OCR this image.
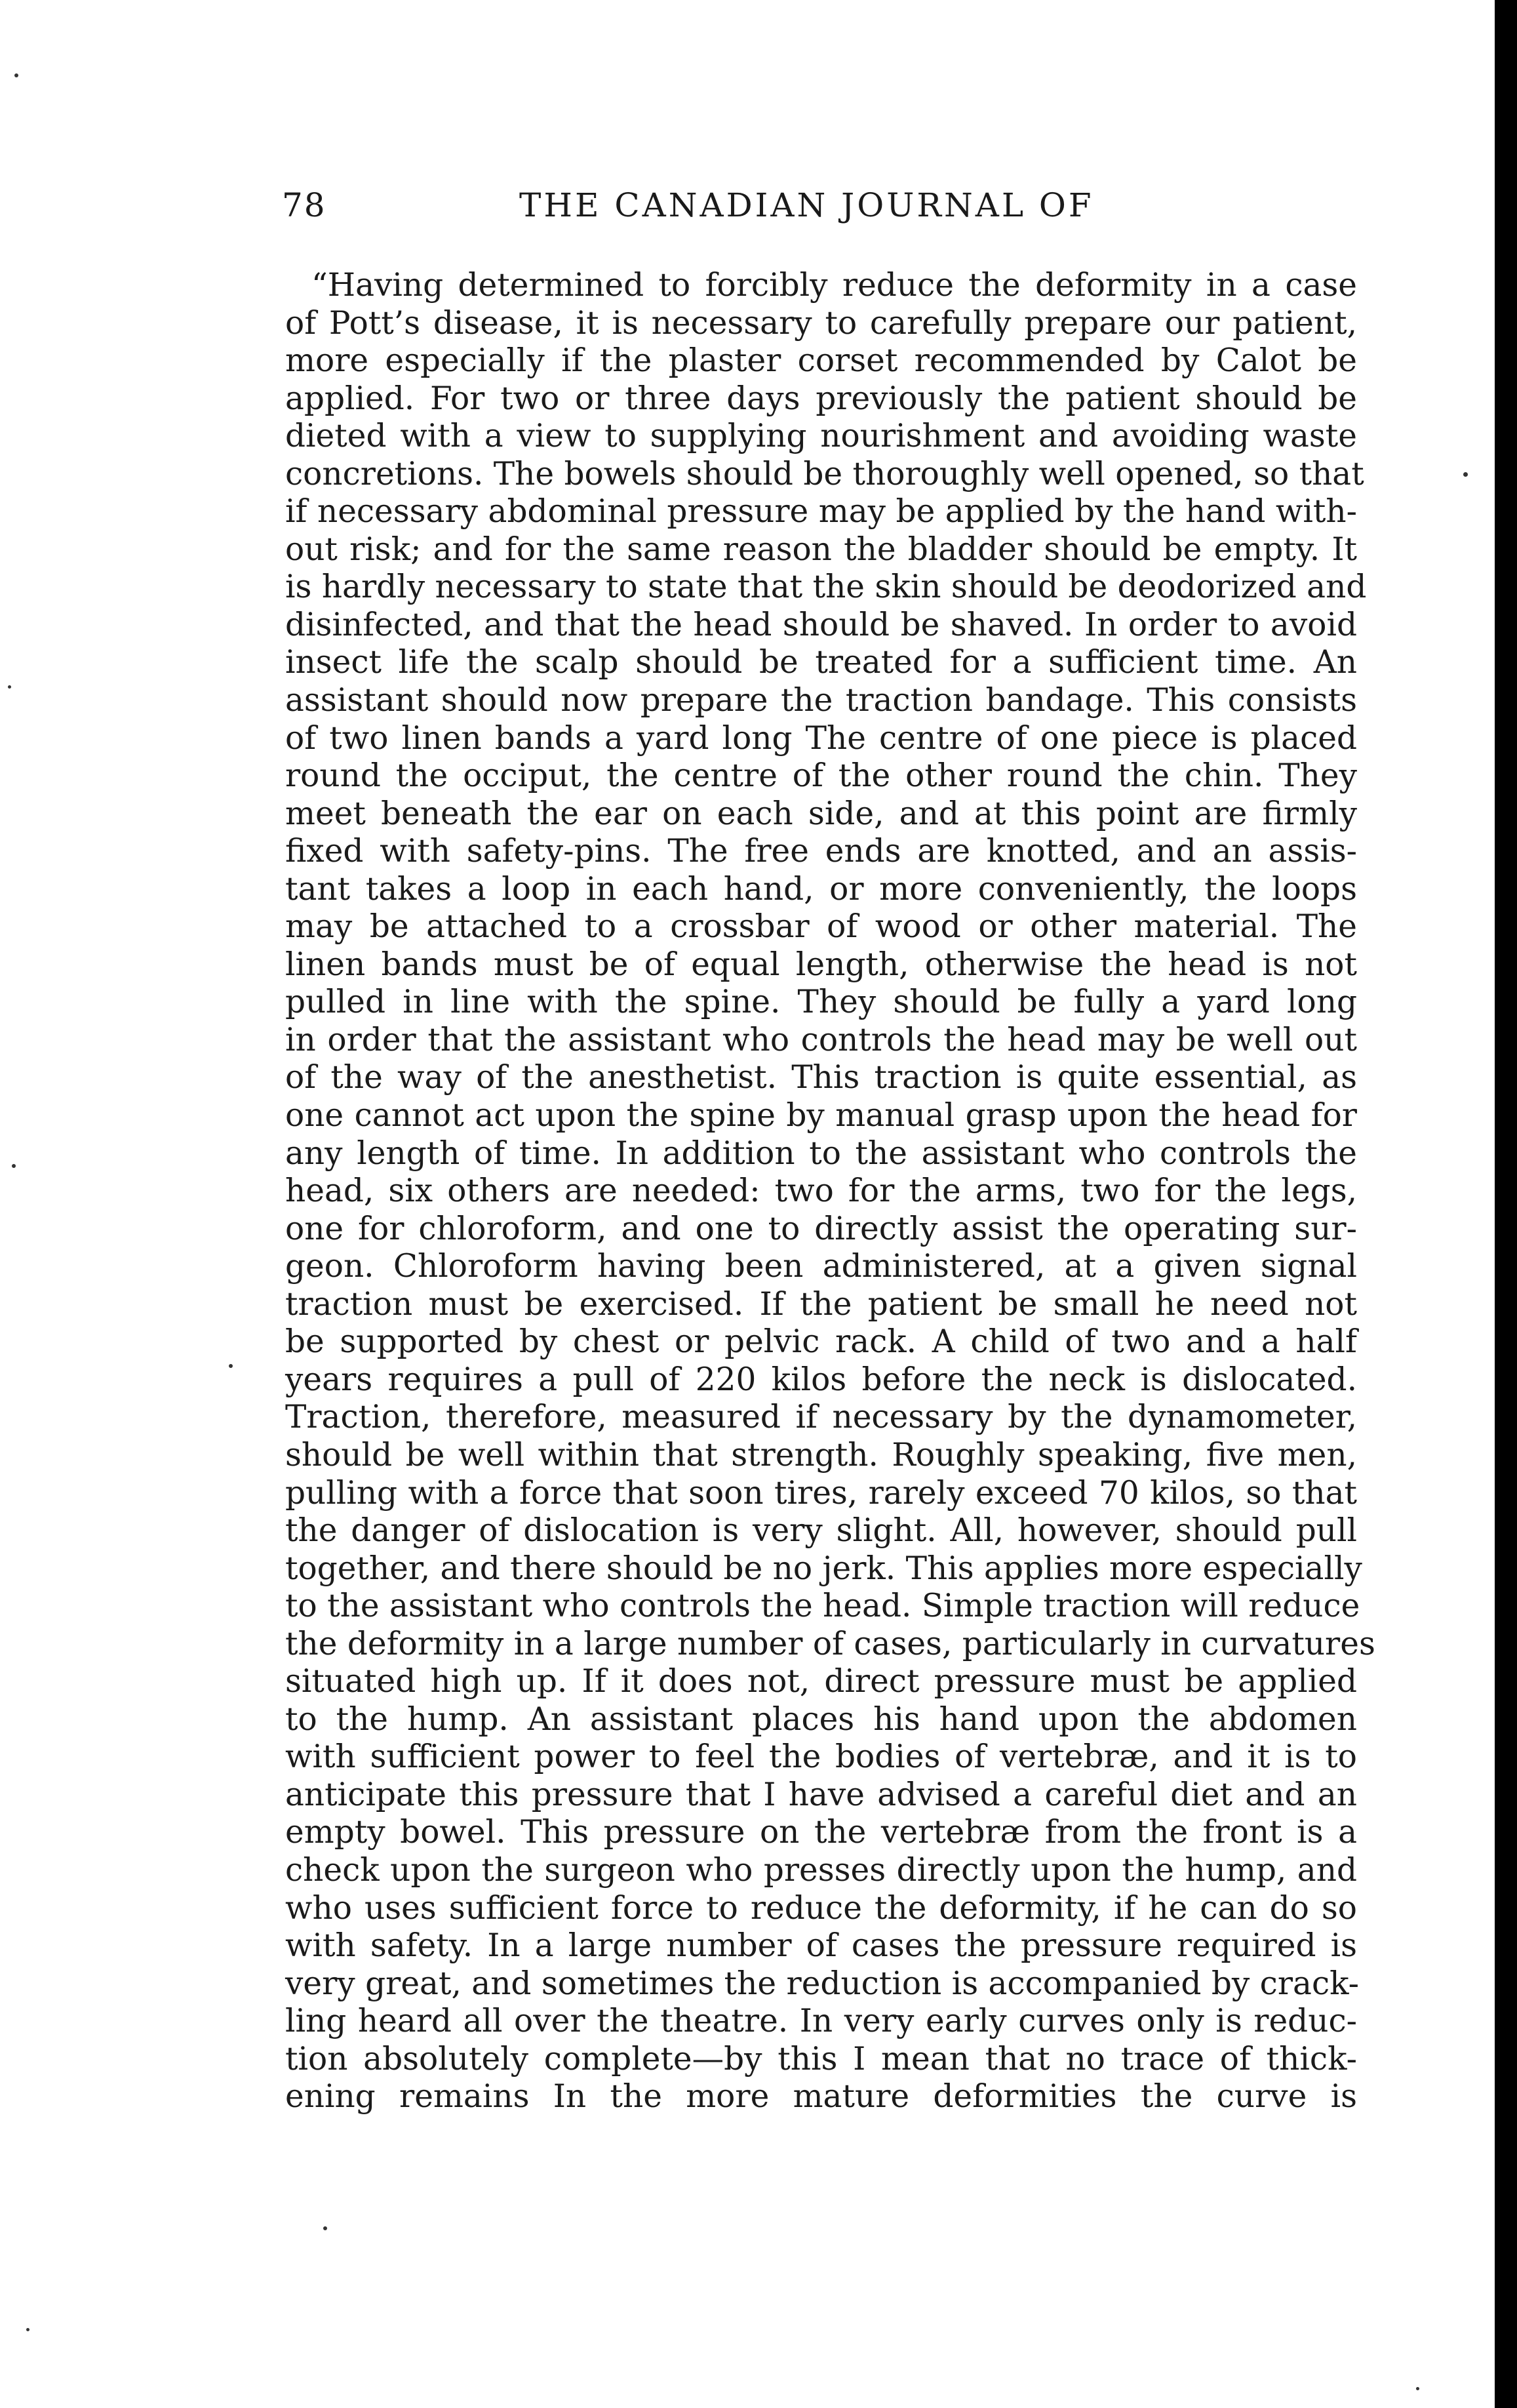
78	THE CANADIAN JOURNAL OF
“Having determined to forcibly reduce the deformity in a case
of Pott’s disease, it is necessary to carefully prepare our patient,
more especially if the plaster corset recommended by Calot be
applied. For two or three days previously the patient should be
dieted with a view to supplying nourishment and avoiding waste
concretions. The bowels should be thoroughly well opened, so that
if necessary abdominal pressure may be applied by the hand with-
out risk; and for the same reason the bladder should be empty. It
is hardly necessary to state that the skin should be deodorized and
disinfected, and that the head should be shaved. In order to avoid
insect life the scalp should be treated for a sufficient time. An
assistant should now prepare the traction bandage. This consists
of two linen bands a yard long The centre of one piece is placed
round the occiput, the centre of the other round the chin. They
meet beneath the ear on each side, and at this point are firmly
fixed with safety-pins. The free ends are knotted, and an assis-
tant takes a loop in each hand, or more conveniently, the loops
may be attached to a crossbar of wood or other material. The
linen bands must be of equal length, otherwise the head is not
pulled in line with the spine. They should be fully a yard long
in order that the assistant who controls the head may be well out
of the way of the anesthetist. This traction is quite essential, as
one cannot act upon the spine by manual grasp upon the head for
any length of time. In addition to the assistant who controls the
head, six others are needed: two for the arms, two for the legs,
one for chloroform, and one to directly assist the operating sur-
geon. Chloroform having been administered, at a given signal
traction must be exercised. If the patient be small he need not
be supported by chest or pelvic rack. A child of two and a half
years requires a pull of 220 kilos before the neck is dislocated.
Traction, therefore, measured if necessary by the dynamometer,
should be well within that strength. Roughly speaking, five men,
pulling with a force that soon tires, rarely exceed 70 kilos, so that
the danger of dislocation is very slight. All, however, should pull
together, and there should be no jerk. This applies more especially
to the assistant who controls the head. Simple traction will reduce
the deformity in a large number of cases, particularly in curvatures
situated high up. If it does not, direct pressure must be applied
to the hump. An assistant places his hand upon the abdomen
with sufficient power to feel the bodies of vertebræ, and it is to
anticipate this pressure that I have advised a careful diet and an
empty bowel. This pressure on the vertebræ from the front is a
check upon the surgeon who presses directly upon the hump, and
who uses sufficient force to reduce the deformity, if he can do so
with safety. In a large number of cases the pressure required is
very great, and sometimes the reduction is accompanied by crack-
ling heard all over the theatre. In very early curves only is reduc-
tion absolutely complete—by this I mean that no trace of thick-
ening remains In the more mature deformities the curve is
